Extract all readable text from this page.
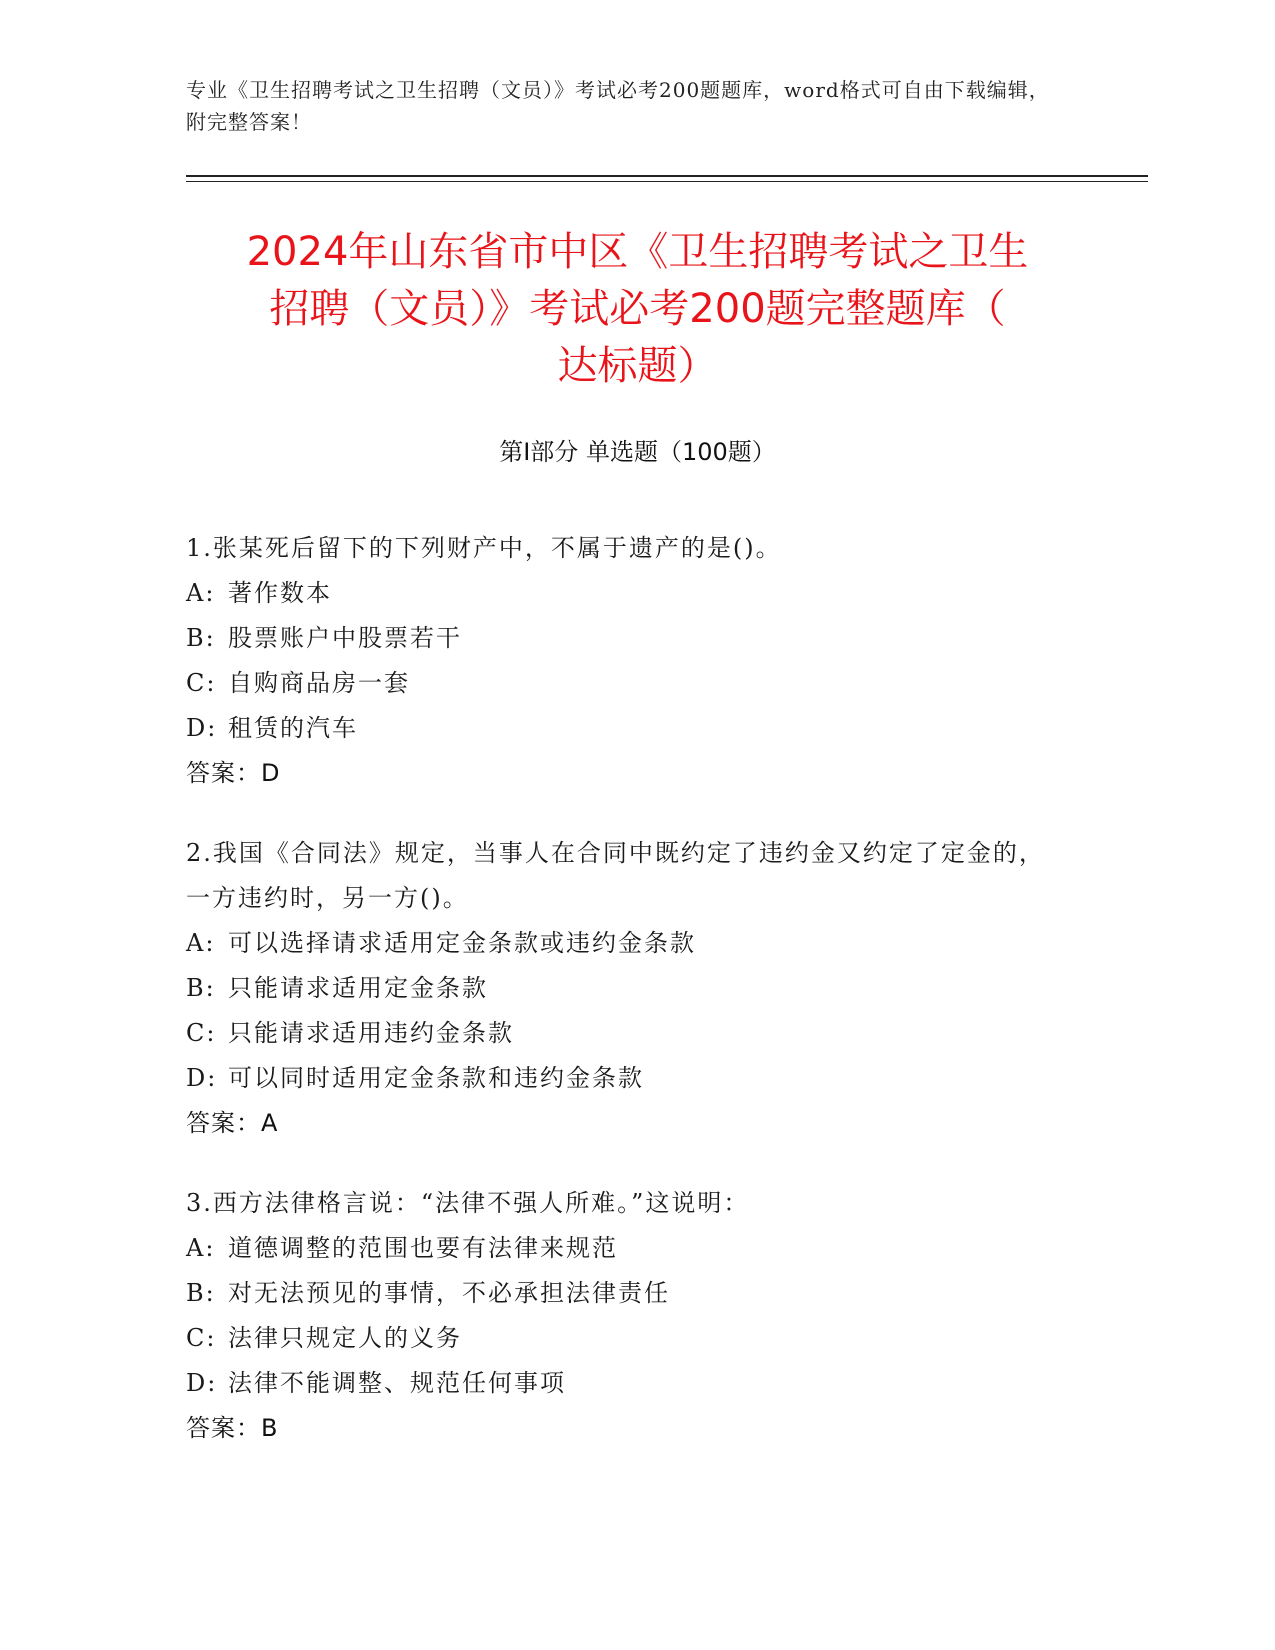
专业《卫生招聘考试之卫生招聘（文员）》考试必考200题题库，word格式可自由下载编辑，附完整答案！
2024年山东省市中区《卫生招聘考试之卫生
招聘（文员）》考试必考200题完整题库（
达标题）
第Ⅰ部分 单选题（100题）

1.张某死后留下的下列财产中，不属于遗产的是()。

A: 著作数本

B: 股票账户中股票若干

C: 自购商品房一套

D: 租赁的汽车

答案：D

2.我国《合同法》规定，当事人在合同中既约定了违约金又约定了定金的，一方违约时，另一方()。

A: 可以选择请求适用定金条款或违约金条款

B: 只能请求适用定金条款

C: 只能请求适用违约金条款

D: 可以同时适用定金条款和违约金条款

答案：A

3.西方法律格言说：“法律不强人所难。”这说明：

A: 道德调整的范围也要有法律来规范

B: 对无法预见的事情，不必承担法律责任

C: 法律只规定人的义务

D: 法律不能调整、规范任何事项

答案：B
